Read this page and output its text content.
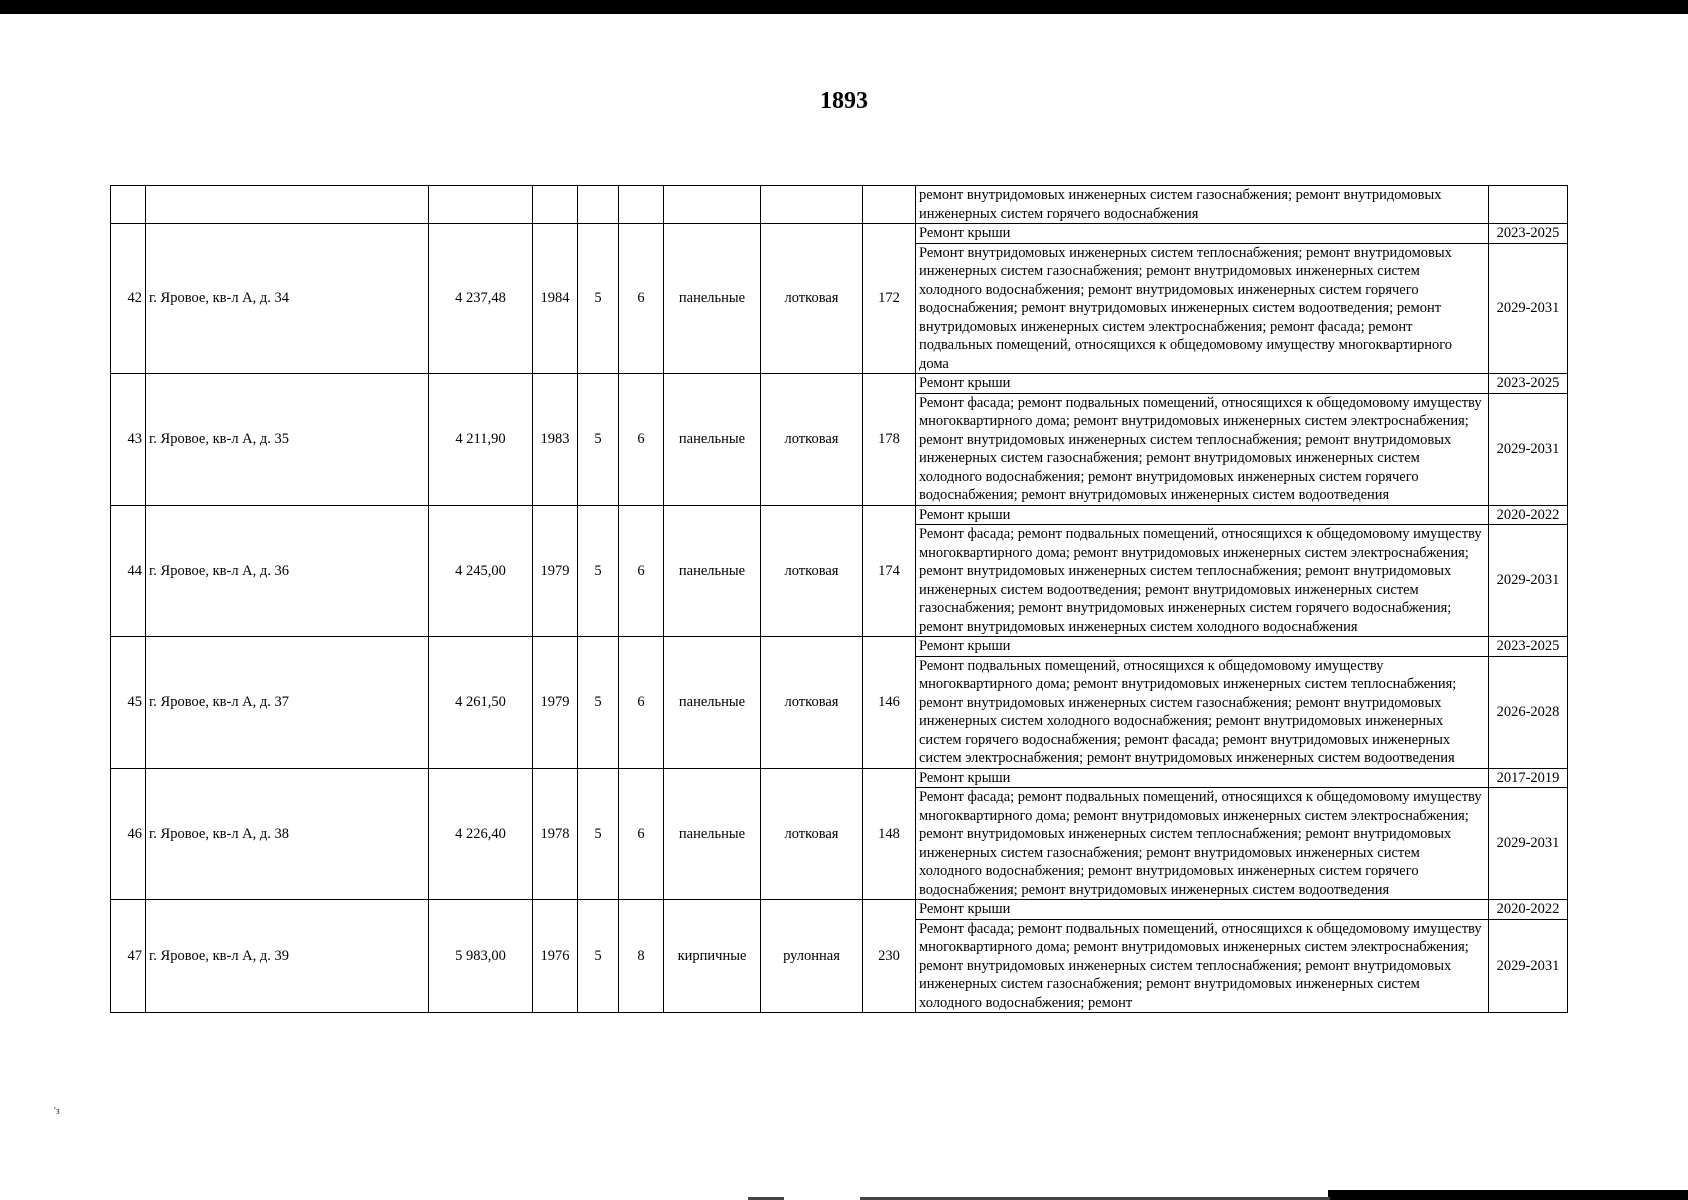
1893
									ремонт внутридомовых инженерных систем газоснабжения; ремонт внутридомовых инженерных систем горячего водоснабжения	
42	г. Яровое, кв-л А, д. 34	4 237,48	1984	5	6	панельные	лотковая	172	Ремонт крыши	2023-2025
									Ремонт внутридомовых инженерных систем теплоснабжения; ремонт внутридомовых инженерных систем газоснабжения; ремонт внутридомовых инженерных систем холодного водоснабжения; ремонт внутридомовых инженерных систем горячего водоснабжения; ремонт внутридомовых инженерных систем водоотведения; ремонт внутридомовых инженерных систем электроснабжения; ремонт фасада; ремонт подвальных помещений, относящихся к общедомовому имуществу многоквартирного дома	2029-2031
43	г. Яровое, кв-л А, д. 35	4 211,90	1983	5	6	панельные	лотковая	178	Ремонт крыши	2023-2025
									Ремонт фасада; ремонт подвальных помещений, относящихся к общедомовому имуществу многоквартирного дома; ремонт внутридомовых инженерных систем электроснабжения; ремонт внутридомовых инженерных систем теплоснабжения; ремонт внутридомовых инженерных систем газоснабжения; ремонт внутридомовых инженерных систем холодного водоснабжения; ремонт внутридомовых инженерных систем горячего водоснабжения; ремонт внутридомовых инженерных систем водоотведения	2029-2031
44	г. Яровое, кв-л А, д. 36	4 245,00	1979	5	6	панельные	лотковая	174	Ремонт крыши	2020-2022
									Ремонт фасада; ремонт подвальных помещений, относящихся к общедомовому имуществу многоквартирного дома; ремонт внутридомовых инженерных систем электроснабжения; ремонт внутридомовых инженерных систем теплоснабжения; ремонт внутридомовых инженерных систем водоотведения; ремонт внутридомовых инженерных систем газоснабжения; ремонт внутридомовых инженерных систем горячего водоснабжения; ремонт внутридомовых инженерных систем холодного водоснабжения	2029-2031
45	г. Яровое, кв-л А, д. 37	4 261,50	1979	5	6	панельные	лотковая	146	Ремонт крыши	2023-2025
									Ремонт подвальных помещений, относящихся к общедомовому имуществу многоквартирного дома; ремонт внутридомовых инженерных систем теплоснабжения; ремонт внутридомовых инженерных систем газоснабжения; ремонт внутридомовых инженерных систем холодного водоснабжения; ремонт внутридомовых инженерных систем горячего водоснабжения; ремонт фасада; ремонт внутридомовых инженерных систем электроснабжения; ремонт внутридомовых инженерных систем водоотведения	2026-2028
46	г. Яровое, кв-л А, д. 38	4 226,40	1978	5	6	панельные	лотковая	148	Ремонт крыши	2017-2019
									Ремонт фасада; ремонт подвальных помещений, относящихся к общедомовому имуществу многоквартирного дома; ремонт внутридомовых инженерных систем электроснабжения; ремонт внутридомовых инженерных систем теплоснабжения; ремонт внутридомовых инженерных систем газоснабжения; ремонт внутридомовых инженерных систем холодного водоснабжения; ремонт внутридомовых инженерных систем горячего водоснабжения; ремонт внутридомовых инженерных систем водоотведения	2029-2031
47	г. Яровое, кв-л А, д. 39	5 983,00	1976	5	8	кирпичные	рулонная	230	Ремонт крыши	2020-2022
									Ремонт фасада; ремонт подвальных помещений, относящихся к общедомовому имуществу многоквартирного дома; ремонт внутридомовых инженерных систем электроснабжения; ремонт внутридомовых инженерных систем теплоснабжения; ремонт внутридомовых инженерных систем газоснабжения; ремонт внутридомовых инженерных систем холодного водоснабжения; ремонт	2029-2031
'ᴈ
